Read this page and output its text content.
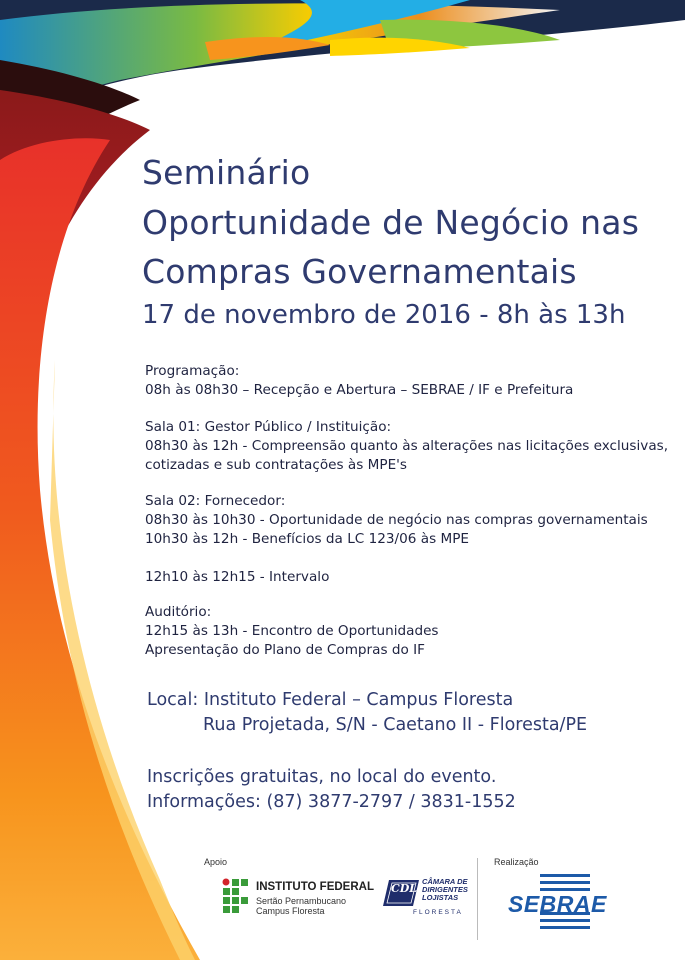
Seminário
Oportunidade de Negócio nas
Compras Governamentais
17 de novembro de 2016 - 8h às 13h
Programação:
08h às 08h30 – Recepção e Abertura – SEBRAE / IF e Prefeitura
Sala 01: Gestor Público / Instituição:
08h30 às 12h - Compreensão quanto às alterações nas licitações exclusivas,
cotizadas e sub contratações às MPE's
Sala 02: Fornecedor:
08h30 às 10h30 - Oportunidade de negócio nas compras governamentais
10h30 às 12h - Benefícios da LC 123/06 às MPE
12h10 às 12h15 - Intervalo
Auditório:
12h15 às 13h - Encontro de Oportunidades
Apresentação do Plano de Compras do IF
Local: Instituto Federal – Campus Floresta
Rua Projetada, S/N - Caetano II - Floresta/PE
Inscrições gratuitas, no local do evento.
Informações: (87) 3877-2797 / 3831-1552
Apoio	Realização
INSTITUTO FEDERAL
Sertão Pernambucano
Campus Floresta
CDL
CÂMARA DE
DIRIGENTES
LOJISTAS
FLORESTA SEBRAE
